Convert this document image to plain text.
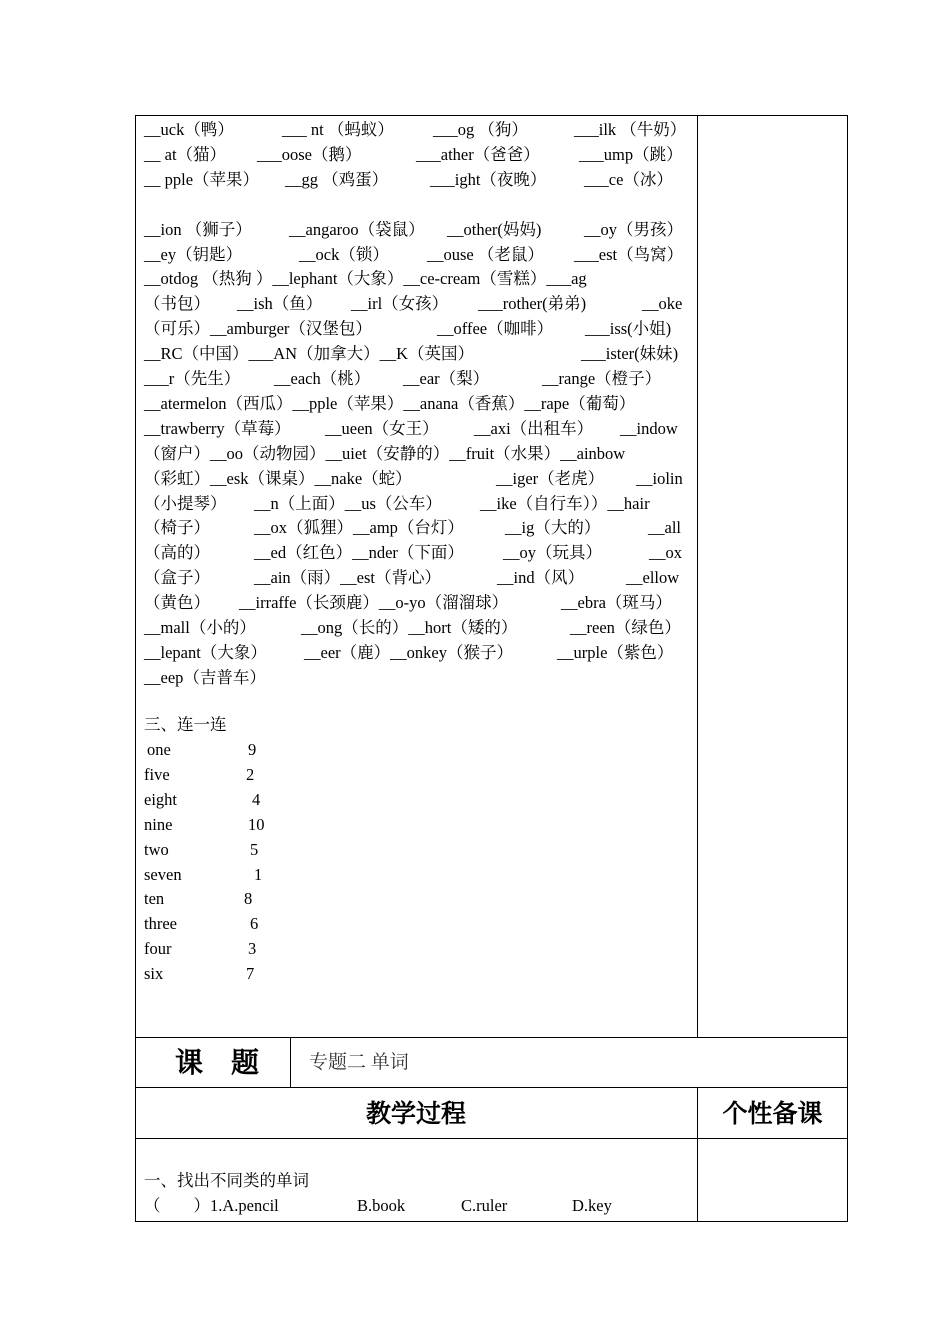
__uck（鸭）	___ nt （蚂蚁） ___og （狗）	___ilk （牛奶）
__ at（猫） ___oose（鹅）	___ather（爸爸） ___ump（跳）
__ pple（苹果） __gg （鸡蛋）	___ight（夜晚） ___ce（冰）
__ion （狮子） __angaroo（袋鼠） __other(妈妈)	__oy（男孩）
__ey（钥匙）	__ock（锁） __ouse （老鼠） ___est（鸟窝）
__otdog （热狗 ）__lephant（大象）__ce-cream（雪糕）___ag
（书包） __ish（鱼） __irl（女孩） ___rother(弟弟)	__oke
（可乐）__amburger（汉堡包）	__offee（咖啡） ___iss(小姐)
__RC（中国）___AN（加拿大）__K（英国）	___ister(妹妹)
___r（先生） __each（桃） __ear（梨）	__range（橙子）
__atermelon（西瓜）__pple（苹果）__anana（香蕉）__rape（葡萄）
__trawberry（草莓） __ueen（女王） __axi（出租车） __indow
（窗户）__oo（动物园）__uiet（安静的）__fruit（水果）__ainbow
（彩虹）__esk（课桌）__nake（蛇）	__iger（老虎） __iolin
（小提琴） __n（上面）__us（公车） __ike（自行车））__hair
（椅子）	__ox（狐狸）__amp（台灯） __ig（大的）	__all
（高的）	__ed（红色）__nder（下面） __oy（玩具）	__ox
（盒子）	__ain（雨）__est（背心）	__ind（风）	__ellow
（黄色） __irraffe（长颈鹿）__o-yo（溜溜球）	__ebra（斑马）
__mall（小的）	__ong（长的）__hort（矮的）	__reen（绿色）
__lepant（大象） __eer（鹿）__onkey（猴子）	__urple（紫色）
__eep（吉普车）
三、连一连
one	9
five	2
eight	4
nine	10
two	5
seven	1
ten	8
three	6
four	3
six	7
课　题	专题二 单词
教学过程	个性备课
一、找出不同类的单词
（　　）1.A.pencil	B.book	C.ruler	D.key
